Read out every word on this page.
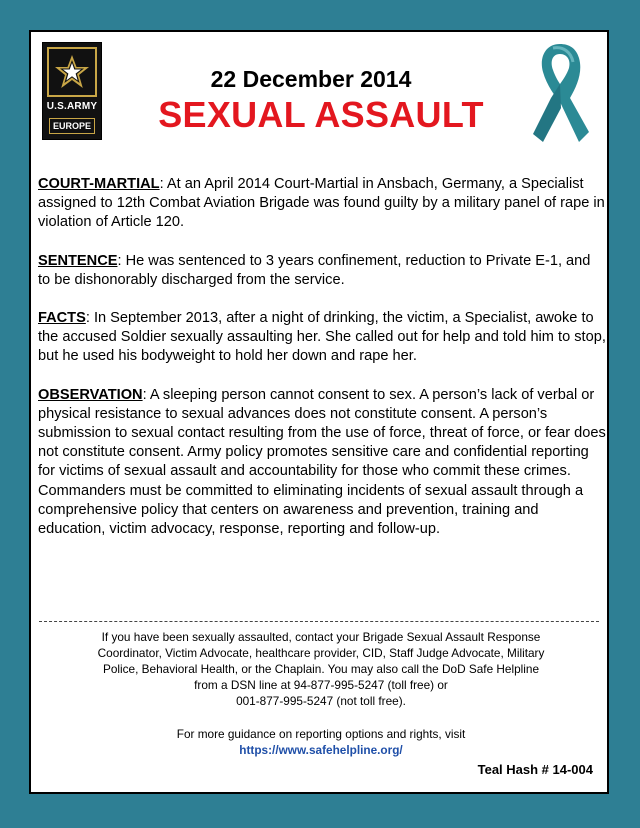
U.S.ARMY
EUROPE
22 December 2014
SEXUAL ASSAULT

COURT-MARTIAL: At an April 2014 Court-Martial in Ansbach, Germany, a Specialist assigned to 12th Combat Aviation Brigade was found guilty by a military panel of rape in violation of Article 120.

SENTENCE: He was sentenced to 3 years confinement, reduction to Private E-1, and to be dishonorably discharged from the service.

FACTS: In September 2013, after a night of drinking, the victim, a Specialist, awoke to the accused Soldier sexually assaulting her. She called out for help and told him to stop, but he used his bodyweight to hold her down and rape her.

OBSERVATION: A sleeping person cannot consent to sex. A person’s lack of verbal or physical resistance to sexual advances does not constitute consent. A person’s submission to sexual contact resulting from the use of force, threat of force, or fear does not constitute consent. Army policy promotes sensitive care and confidential reporting for victims of sexual assault and accountability for those who commit these crimes. Commanders must be committed to eliminating incidents of sexual assault through a comprehensive policy that centers on awareness and prevention, training and education, victim advocacy, response, reporting and follow-up.

If you have been sexually assaulted, contact your Brigade Sexual Assault Response
Coordinator, Victim Advocate, healthcare provider, CID, Staff Judge Advocate, Military
Police, Behavioral Health, or the Chaplain. You may also call the DoD Safe Helpline
from a DSN line at 94-877-995-5247 (toll free) or
001-877-995-5247 (not toll free).
For more guidance on reporting options and rights, visit
https://www.safehelpline.org/
Teal Hash # 14-004
